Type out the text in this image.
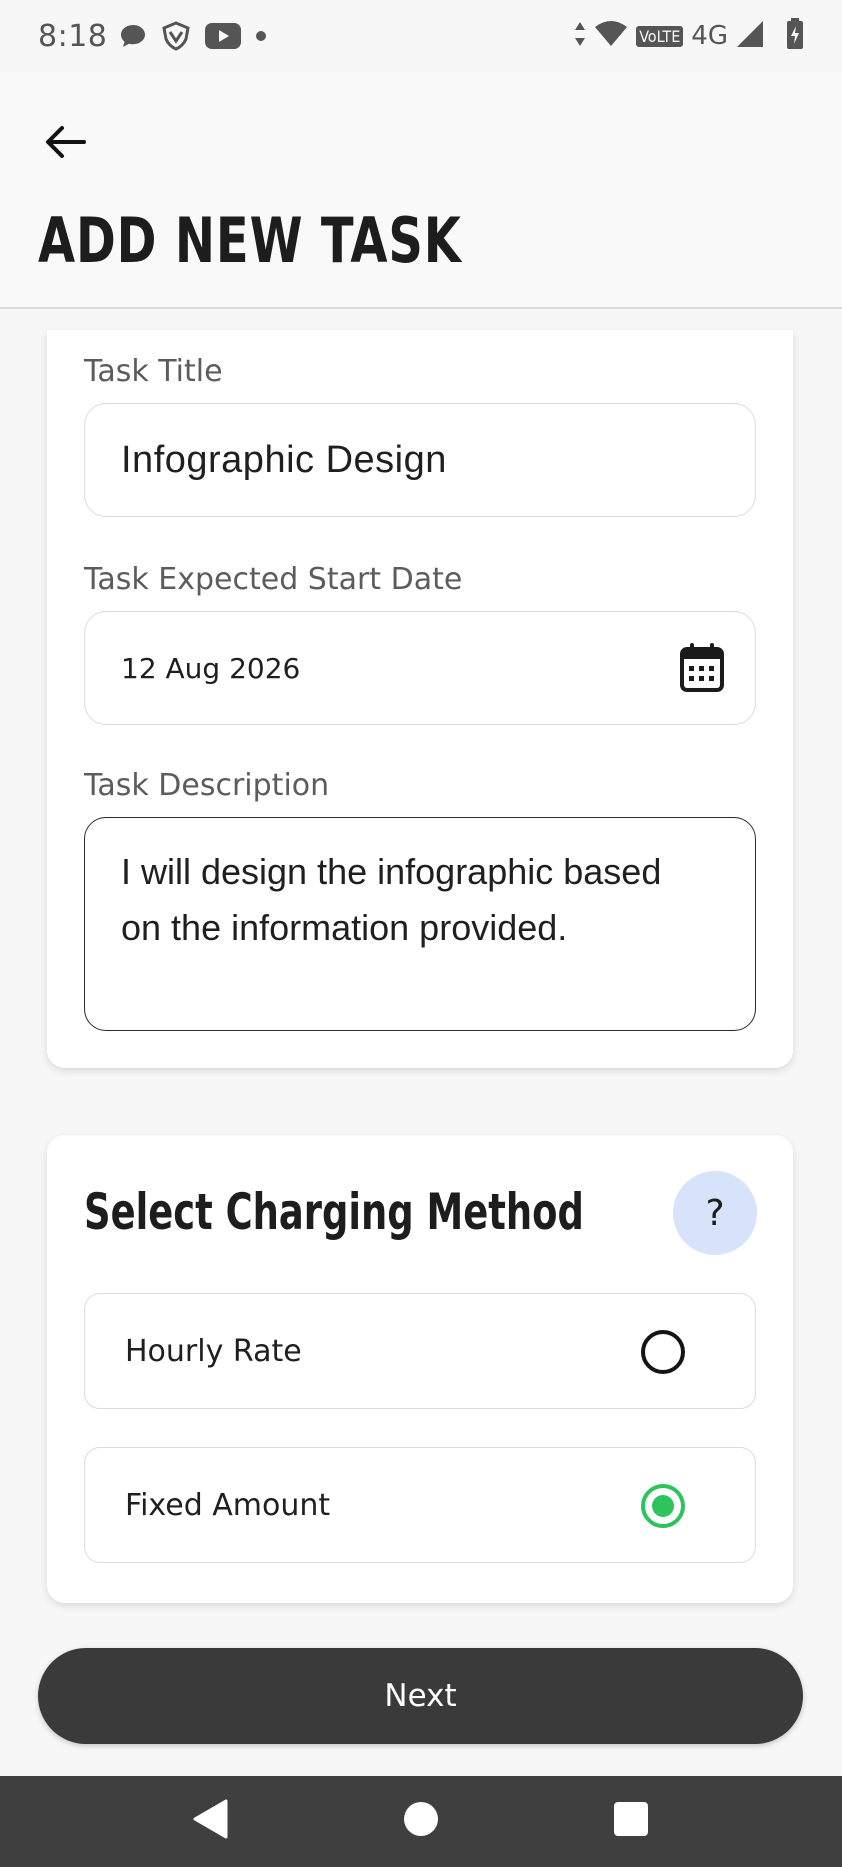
8:18	VoLTE 4G
ADD NEW TASK
Task Title
Infographic Design
Task Expected Start Date
12 Aug 2026
Task Description
I will design the infographic based on the information provided.
Select Charging Method	?
Hourly Rate
Fixed Amount
Next
